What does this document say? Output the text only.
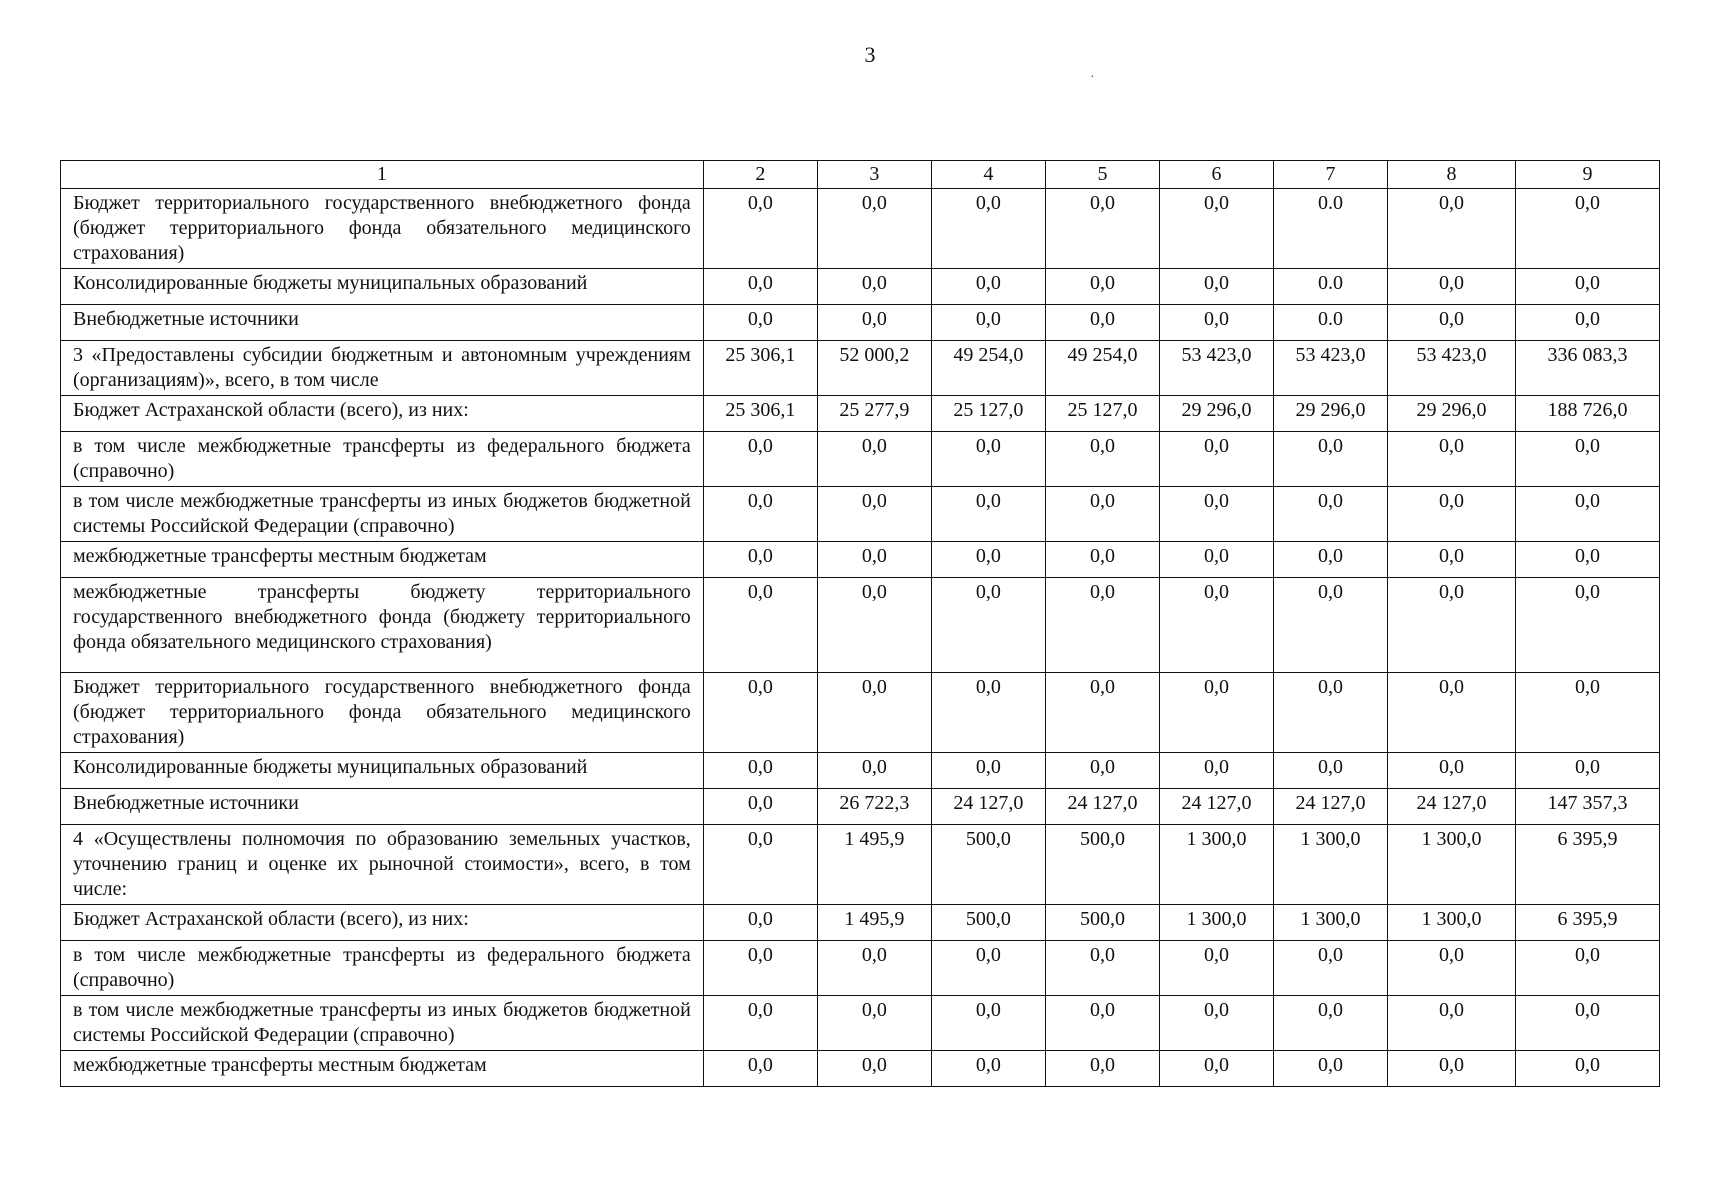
3
·
1	2	3	4	5	6	7	8	9
Бюджет территориального государственного внебюджетного фонда (бюджет территориального фонда обязательного медицинского страхования)	0,0	0,0	0,0	0,0	0,0	0.0	0,0	0,0
Консолидированные бюджеты муниципальных образований	0,0	0,0	0,0	0,0	0,0	0.0	0,0	0,0
Внебюджетные источники	0,0	0,0	0,0	0,0	0,0	0.0	0,0	0,0
3 «Предоставлены субсидии бюджетным и автономным учреждениям (организациям)», всего, в том числе	25 306,1	52 000,2	49 254,0	49 254,0	53 423,0	53 423,0	53 423,0	336 083,3
Бюджет Астраханской области (всего), из них:	25 306,1	25 277,9	25 127,0	25 127,0	29 296,0	29 296,0	29 296,0	188 726,0
в том числе межбюджетные трансферты из федерального бюджета (справочно)	0,0	0,0	0,0	0,0	0,0	0,0	0,0	0,0
в том числе межбюджетные трансферты из иных бюджетов бюджетной системы Российской Федерации (справочно)	0,0	0,0	0,0	0,0	0,0	0,0	0,0	0,0
межбюджетные трансферты местным бюджетам	0,0	0,0	0,0	0,0	0,0	0,0	0,0	0,0
межбюджетные трансферты бюджету территориального государственного внебюджетного фонда (бюджету территориального фонда обязательного медицинского страхования)	0,0	0,0	0,0	0,0	0,0	0,0	0,0	0,0
Бюджет территориального государственного внебюджетного фонда (бюджет территориального фонда обязательного медицинского страхования)	0,0	0,0	0,0	0,0	0,0	0,0	0,0	0,0
Консолидированные бюджеты муниципальных образований	0,0	0,0	0,0	0,0	0,0	0,0	0,0	0,0
Внебюджетные источники	0,0	26 722,3	24 127,0	24 127,0	24 127,0	24 127,0	24 127,0	147 357,3
4 «Осуществлены полномочия по образованию земельных участков, уточнению границ и оценке их рыночной стоимости», всего, в том числе:	0,0	1 495,9	500,0	500,0	1 300,0	1 300,0	1 300,0	6 395,9
Бюджет Астраханской области (всего), из них:	0,0	1 495,9	500,0	500,0	1 300,0	1 300,0	1 300,0	6 395,9
в том числе межбюджетные трансферты из федерального бюджета (справочно)	0,0	0,0	0,0	0,0	0,0	0,0	0,0	0,0
в том числе межбюджетные трансферты из иных бюджетов бюджетной системы Российской Федерации (справочно)	0,0	0,0	0,0	0,0	0,0	0,0	0,0	0,0
межбюджетные трансферты местным бюджетам	0,0	0,0	0,0	0,0	0,0	0,0	0,0	0,0
